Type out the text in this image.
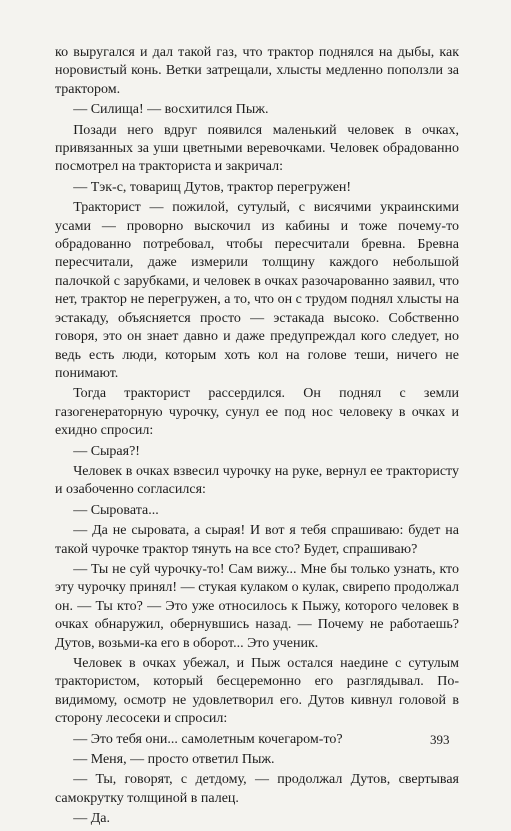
ко выругался и дал такой газ, что трактор поднялся на дыбы, как норовистый конь. Ветки затрещали, хлысты медленно поползли за трактором.

— Силища! — восхитился Пыж.

Позади него вдруг появился маленький человек в очках, привязанных за уши цветными веревочками. Человек обрадованно посмотрел на тракториста и закричал:

— Тэк-с, товарищ Дутов, трактор перегружен!

Тракторист — пожилой, сутулый, с висячими украинскими усами — проворно выскочил из кабины и тоже почему-то обрадованно потребовал, чтобы пересчитали бревна. Бревна пересчитали, даже измерили толщину каждого небольшой палочкой с зарубками, и человек в очках разочарованно заявил, что нет, трактор не перегружен, а то, что он с трудом поднял хлысты на эстакаду, объясняется просто — эстакада высоко. Собственно говоря, это он знает давно и даже предупреждал кого следует, но ведь есть люди, которым хоть кол на голове теши, ничего не понимают.

Тогда тракторист рассердился. Он поднял с земли газогенераторную чурочку, сунул ее под нос человеку в очках и ехидно спросил:

— Сырая?!

Человек в очках взвесил чурочку на руке, вернул ее трактористу и озабоченно согласился:

— Сыровата...

— Да не сыровата, а сырая! И вот я тебя спрашиваю: будет на такой чурочке трактор тянуть на все сто? Будет, спрашиваю?

— Ты не суй чурочку-то! Сам вижу... Мне бы только узнать, кто эту чурочку принял! — стукая кулаком о кулак, свирепо продолжал он. — Ты кто? — Это уже относилось к Пыжу, которого человек в очках обнаружил, обернувшись назад. — Почему не работаешь? Дутов, возьми-ка его в оборот... Это ученик.

Человек в очках убежал, и Пыж остался наедине с сутулым трактористом, который бесцеремонно его разглядывал. По-видимому, осмотр не удовлетворил его. Дутов кивнул головой в сторону лесосеки и спросил:

— Это тебя они... самолетным кочегаром-то?

— Меня, — просто ответил Пыж.

— Ты, говорят, с детдому, — продолжал Дутов, свертывая самокрутку толщиной в палец.

— Да.

393
